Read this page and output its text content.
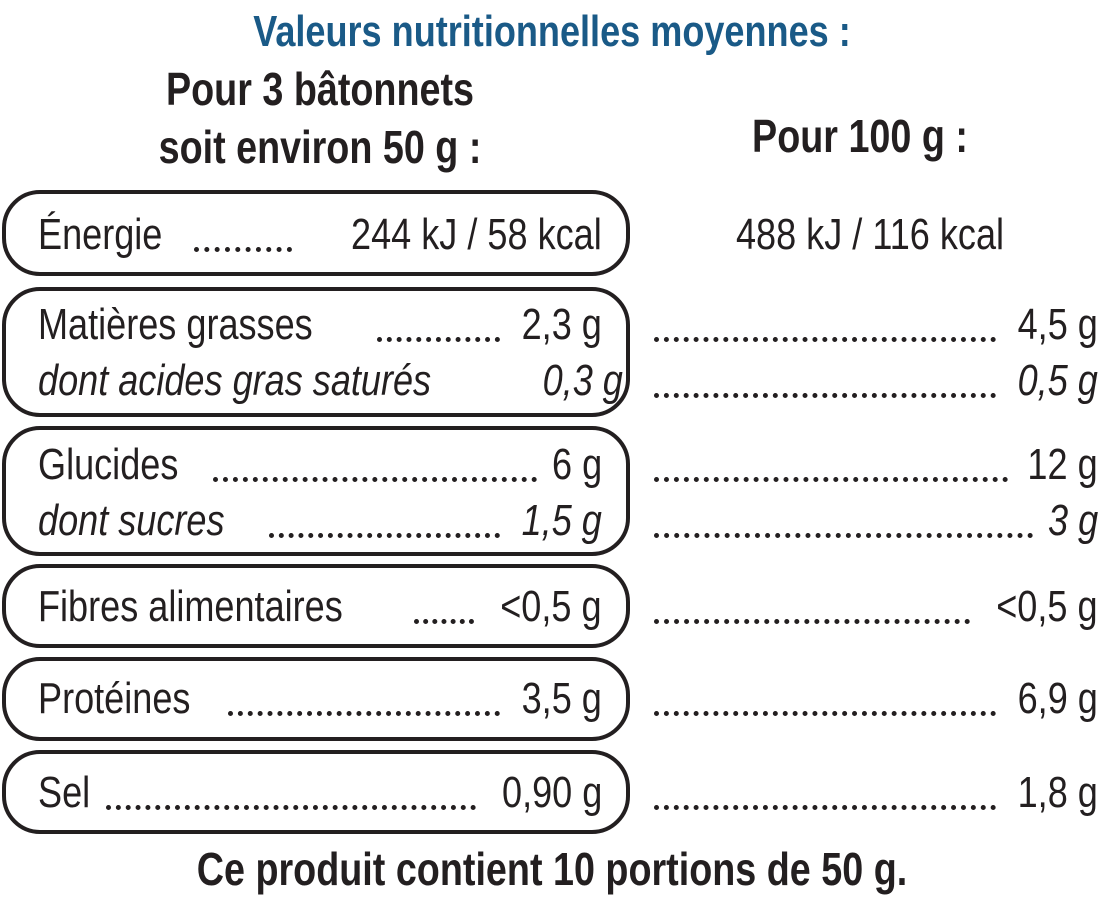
Valeurs nutritionnelles moyennes :
Pour 3 bâtonnets
soit environ 50 g :	Pour 100 g :
Énergie	244 kJ / 58 kcal	488 kJ / 116 kcal
Matières grasses	2,3 g	4,5 g
dont acides gras saturés	0,3 g	0,5 g
Glucides	6 g	12 g
dont sucres	1,5 g	3 g
Fibres alimentaires	<0,5 g	<0,5 g
Protéines	3,5 g	6,9 g
Sel	0,90 g	1,8 g
Ce produit contient 10 portions de 50 g.
